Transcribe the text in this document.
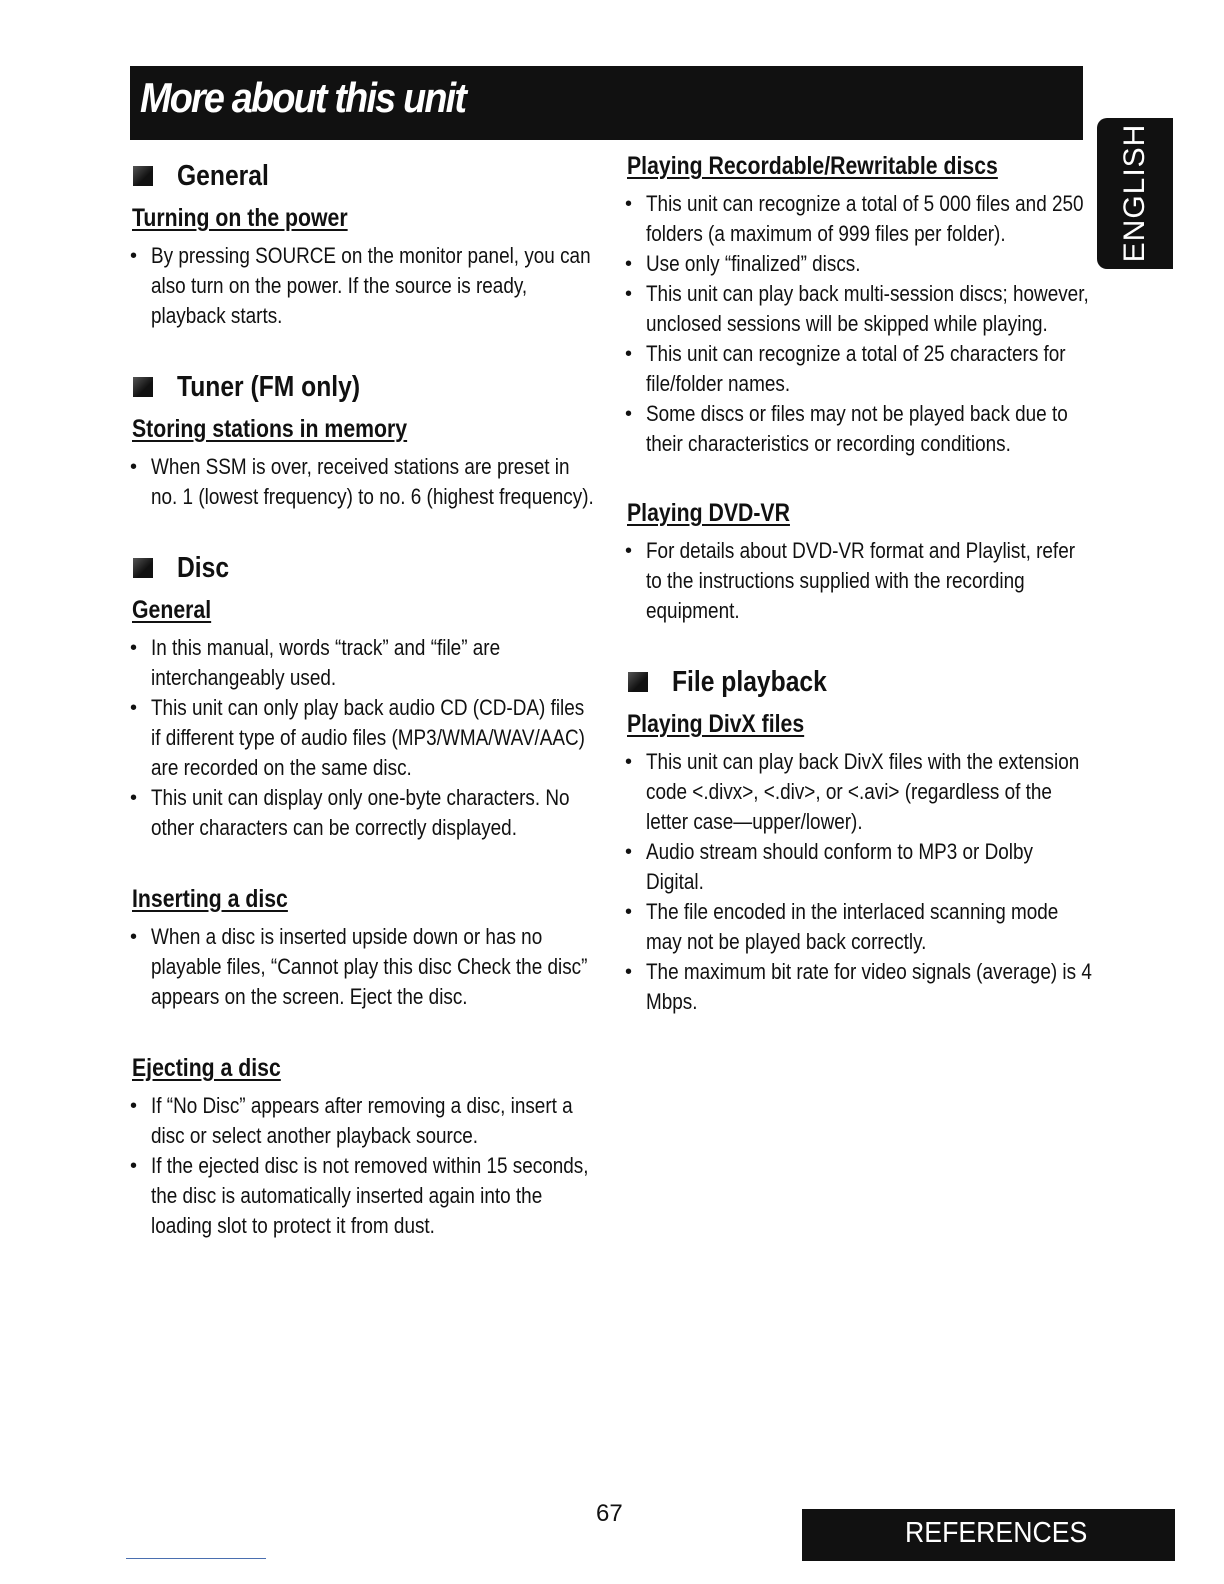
More about this unit
ENGLISH
General
Turning on the power
• By pressing SOURCE on the monitor panel, you can also turn on the power. If the source is ready, playback starts.
Tuner (FM only)
Storing stations in memory
• When SSM is over, received stations are preset in no. 1 (lowest frequency) to no. 6 (highest frequency).
Disc
General
• In this manual, words “track” and “file” are interchangeably used.
• This unit can only play back audio CD (CD-DA) files if different type of audio files (MP3/WMA/WAV/AAC) are recorded on the same disc.
• This unit can display only one-byte characters. No other characters can be correctly displayed.
Inserting a disc
• When a disc is inserted upside down or has no playable files, “Cannot play this disc Check the disc” appears on the screen. Eject the disc.
Ejecting a disc
• If “No Disc” appears after removing a disc, insert a disc or select another playback source.
• If the ejected disc is not removed within 15 seconds, the disc is automatically inserted again into the loading slot to protect it from dust.
Playing Recordable/Rewritable discs
• This unit can recognize a total of 5 000 files and 250 folders (a maximum of 999 files per folder).
• Use only “finalized” discs.
• This unit can play back multi-session discs; however, unclosed sessions will be skipped while playing.
• This unit can recognize a total of 25 characters for file/folder names.
• Some discs or files may not be played back due to their characteristics or recording conditions.
Playing DVD-VR
• For details about DVD-VR format and Playlist, refer to the instructions supplied with the recording equipment.
File playback
Playing DivX files
• This unit can play back DivX files with the extension code <.divx>, <.div>, or <.avi> (regardless of the letter case—upper/lower).
• Audio stream should conform to MP3 or Dolby Digital.
• The file encoded in the interlaced scanning mode may not be played back correctly.
• The maximum bit rate for video signals (average) is 4 Mbps.
67
REFERENCES
